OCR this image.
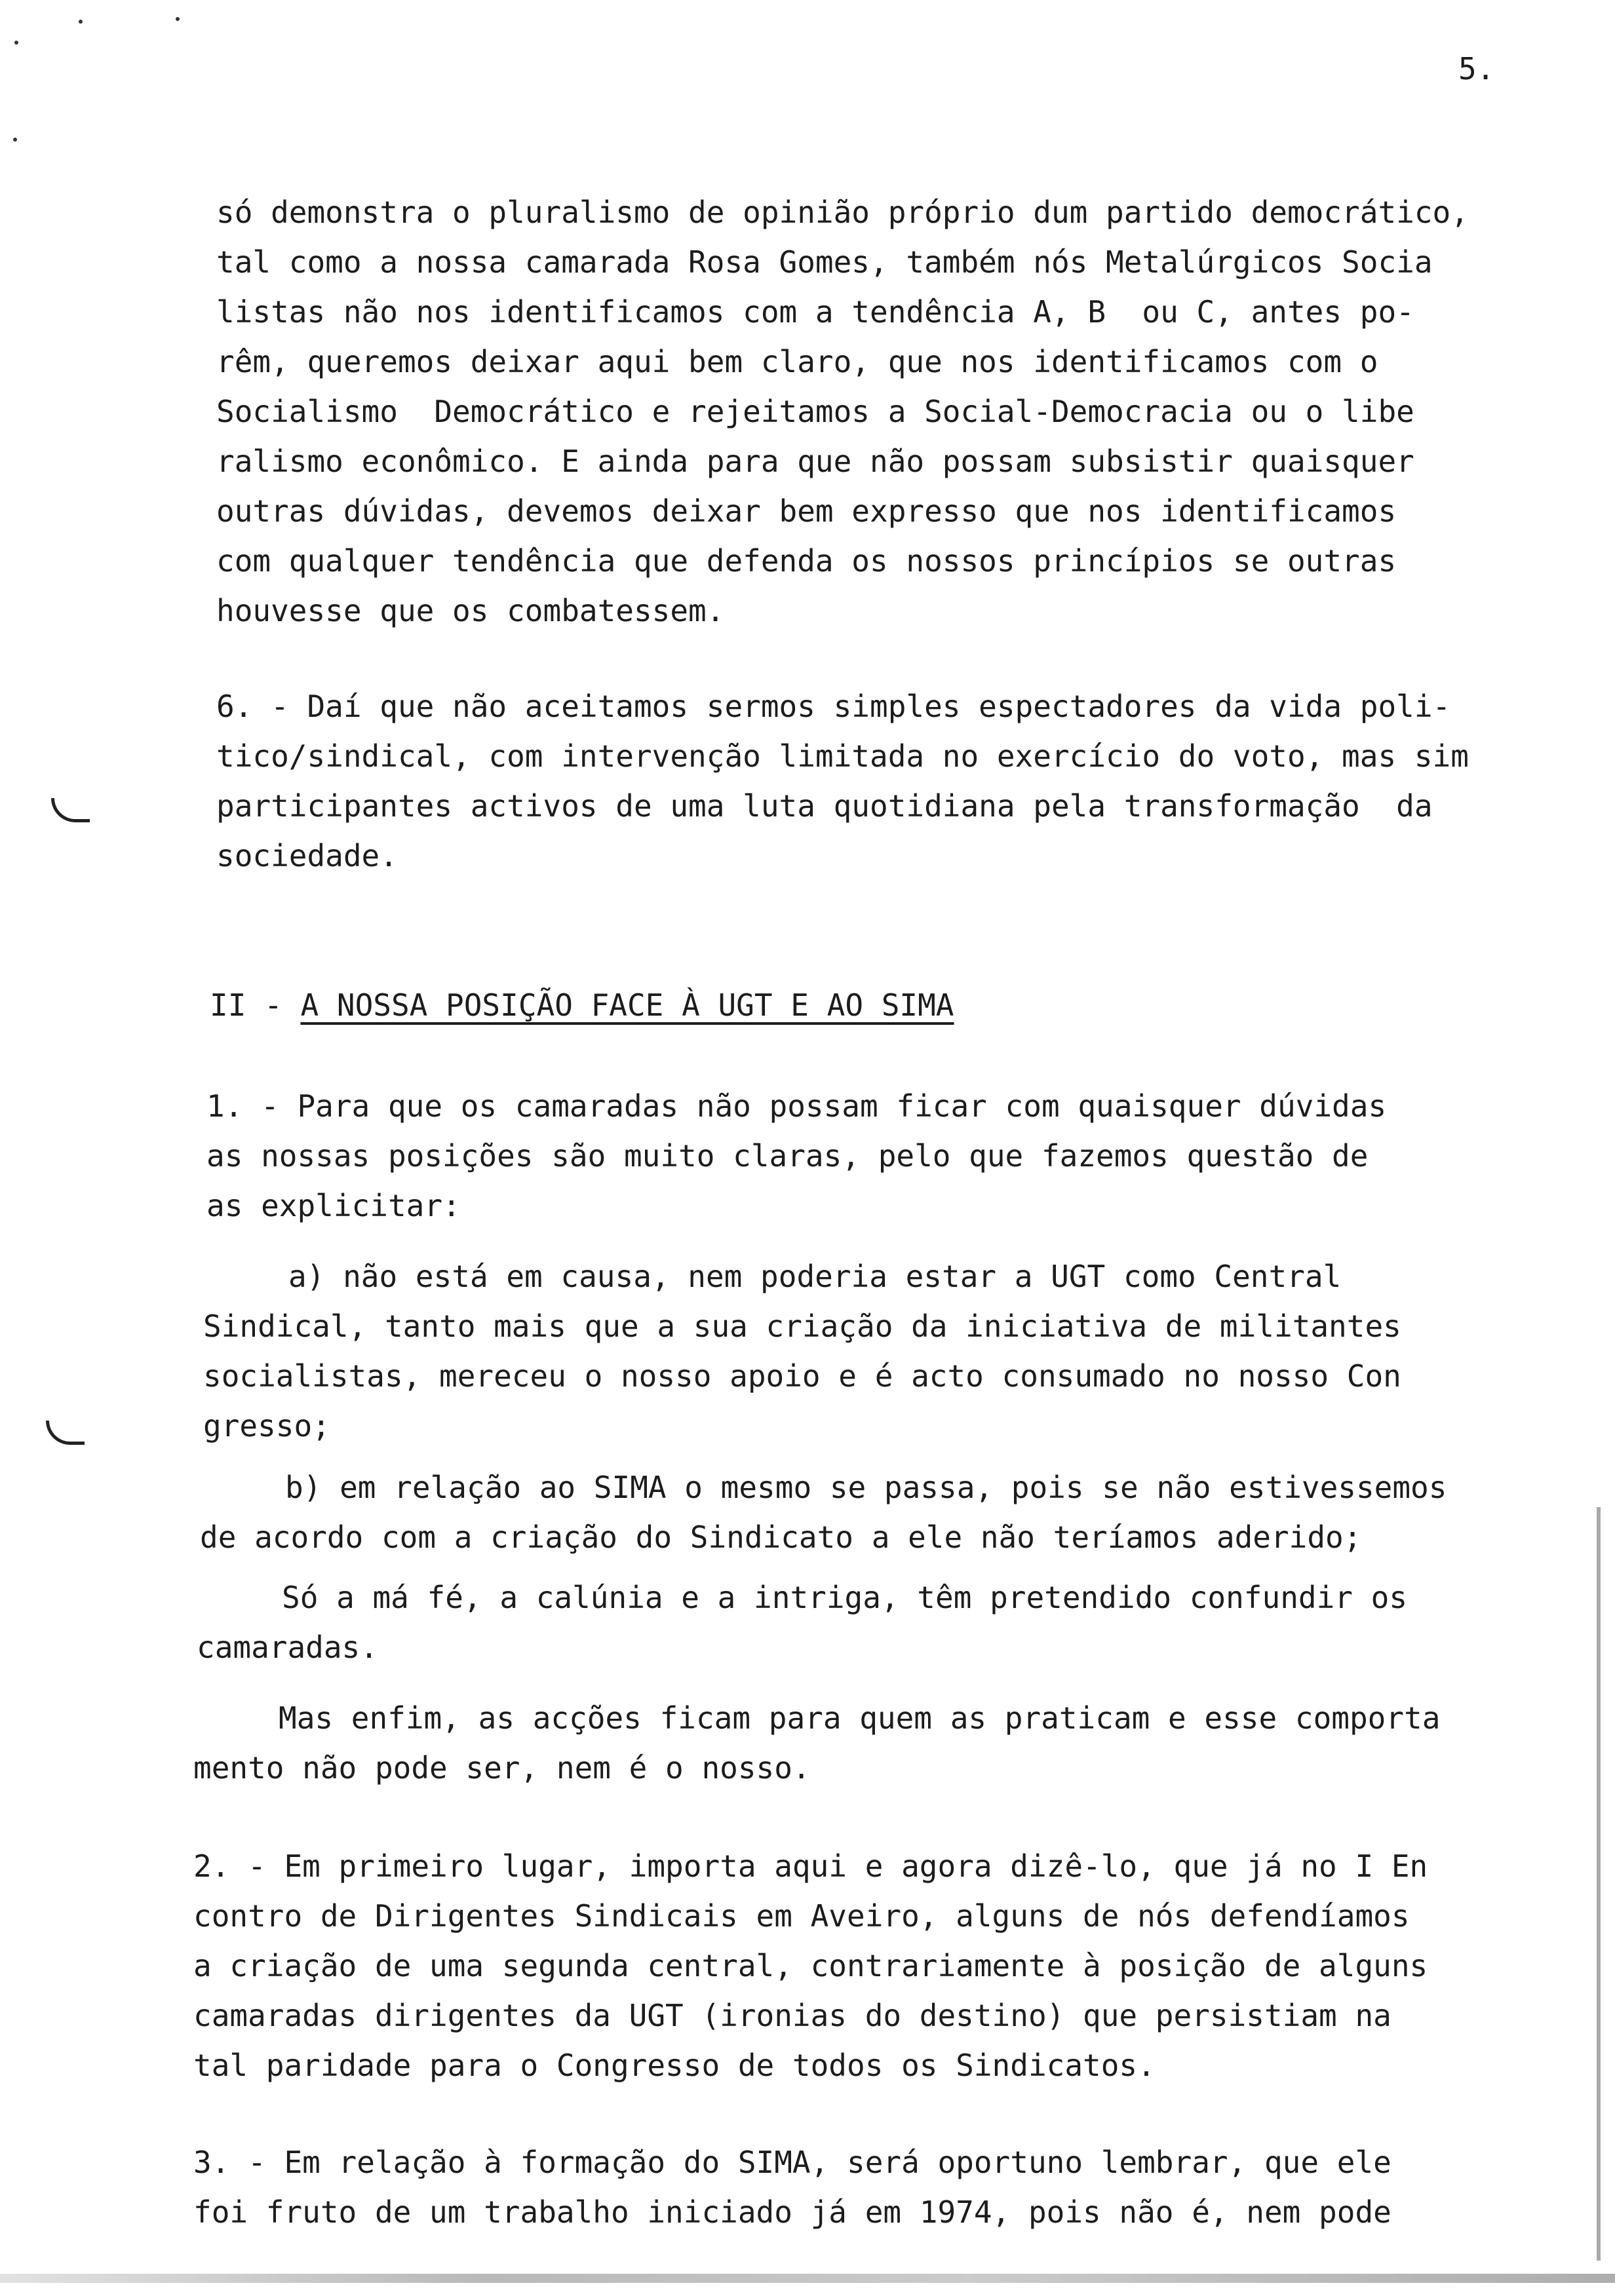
5.
só demonstra o pluralismo de opinião próprio dum partido democrático,
tal como a nossa camarada Rosa Gomes, também nós Metalúrgicos Socia
listas não nos identificamos com a tendência A, B  ou C, antes po-
rêm, queremos deixar aqui bem claro, que nos identificamos com o
Socialismo  Democrático e rejeitamos a Social-Democracia ou o libe
ralismo econômico. E ainda para que não possam subsistir quaisquer
outras dúvidas, devemos deixar bem expresso que nos identificamos
com qualquer tendência que defenda os nossos princípios se outras
houvesse que os combatessem.
6. - Daí que não aceitamos sermos simples espectadores da vida poli-
tico/sindical, com intervenção limitada no exercício do voto, mas sim
participantes activos de uma luta quotidiana pela transformação  da
sociedade.
II - A NOSSA POSIÇÃO FACE À UGT E AO SIMA
1. - Para que os camaradas não possam ficar com quaisquer dúvidas
as nossas posições são muito claras, pelo que fazemos questão de
as explicitar:
a) não está em causa, nem poderia estar a UGT como Central
Sindical, tanto mais que a sua criação da iniciativa de militantes
socialistas, mereceu o nosso apoio e é acto consumado no nosso Con
gresso;
b) em relação ao SIMA o mesmo se passa, pois se não estivessemos
de acordo com a criação do Sindicato a ele não teríamos aderido;
Só a má fé, a calúnia e a intriga, têm pretendido confundir os
camaradas.
Mas enfim, as acções ficam para quem as praticam e esse comporta
mento não pode ser, nem é o nosso.
2. - Em primeiro lugar, importa aqui e agora dizê-lo, que já no I En
contro de Dirigentes Sindicais em Aveiro, alguns de nós defendíamos
a criação de uma segunda central, contrariamente à posição de alguns
camaradas dirigentes da UGT (ironias do destino) que persistiam na
tal paridade para o Congresso de todos os Sindicatos.
3. - Em relação à formação do SIMA, será oportuno lembrar, que ele
foi fruto de um trabalho iniciado já em 1974, pois não é, nem pode
